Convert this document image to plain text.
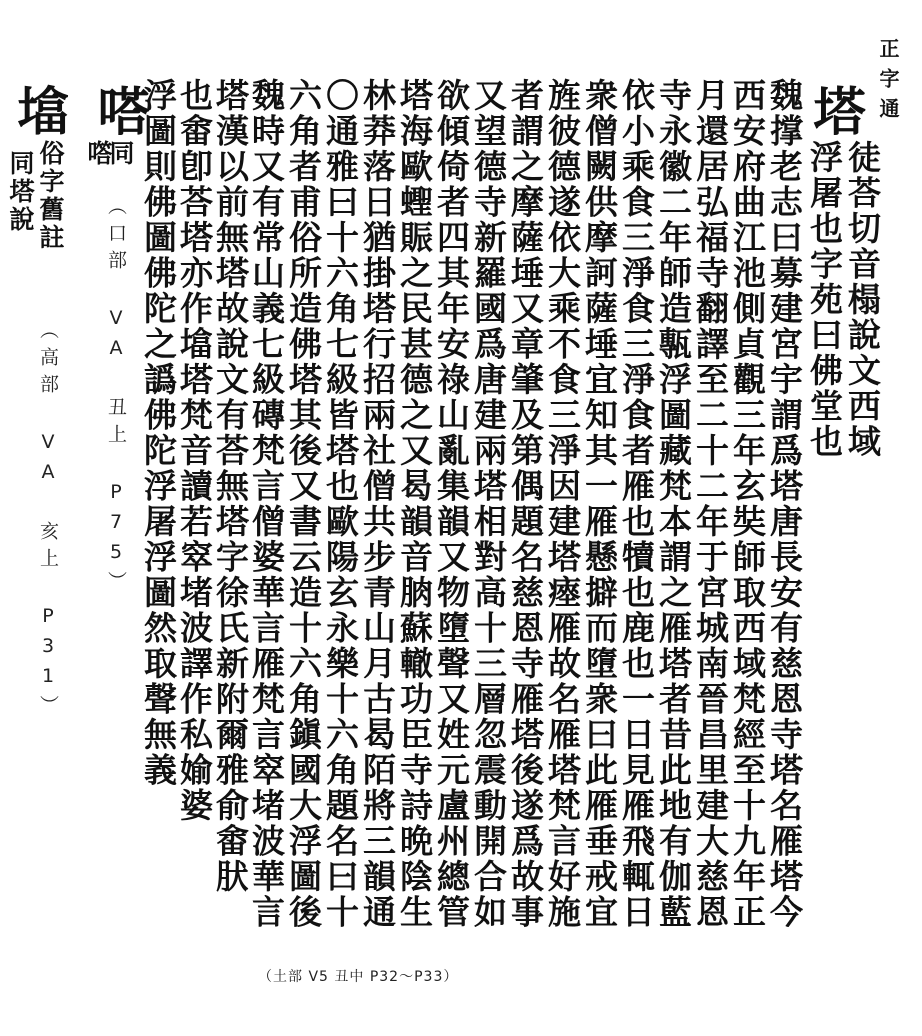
正字通
塔
徒荅切音榻說文西域
浮屠也字苑曰佛堂也
魏撑老志曰募建宮宇謂爲塔唐長安有慈恩寺塔名雁塔今
西安府曲江池側貞觀三年玄奘師取西域梵經至十九年正
月還居弘福寺翻譯至二十二年于宮城南晉昌里建大慈恩
寺永徽二年師造甎浮圖藏梵本謂之雁塔者昔此地有伽藍
依小乘食三淨食三淨食者雁也犢也鹿也一日見雁飛輒日
衆僧闕供摩訶薩埵宜知其一雁懸擗而墮衆曰此雁垂戒宜
旌彼德遂依大乘不食三淨因建塔瘞雁故名雁塔梵言好施
者謂之摩薩埵又章肇及第偶題名慈恩寺雁塔後遂爲故事
又望德寺新羅國爲唐建兩塔相對高十三層忽震動開合如
欲傾倚者四其年安祿山亂集韻又物墮聲又姓元盧州總管
塔海歐蟶賑之民甚德之又曷韻音朒蘇轍功臣寺詩晩陰生
林莽落日猶掛塔行招兩社僧共步青山月古曷陌將三韻通
〇通雅曰十六角七級皆塔也歐陽玄永樂十六角題名曰十
六角者甫俗所造佛塔其後又書云造十六角鎭國大浮圖後
魏時又有常山義七級磚梵言僧婆華言雁梵言窣堵波華言
（土部 V5 丑中 P32～P33）
嗒
同
㗳
（口部 VA 丑上 P75）
墖
俗字舊註
同塔說
（高部 VA 亥上 P31）	塔漢以前無塔故說文有荅無塔字徐氏新附爾雅俞畬肰
也畬卽荅塔亦作墖塔梵音讀若窣堵波譯作私媮婆
浮圖則佛圖佛陀之譌佛陀浮屠浮圖然取聲無義
